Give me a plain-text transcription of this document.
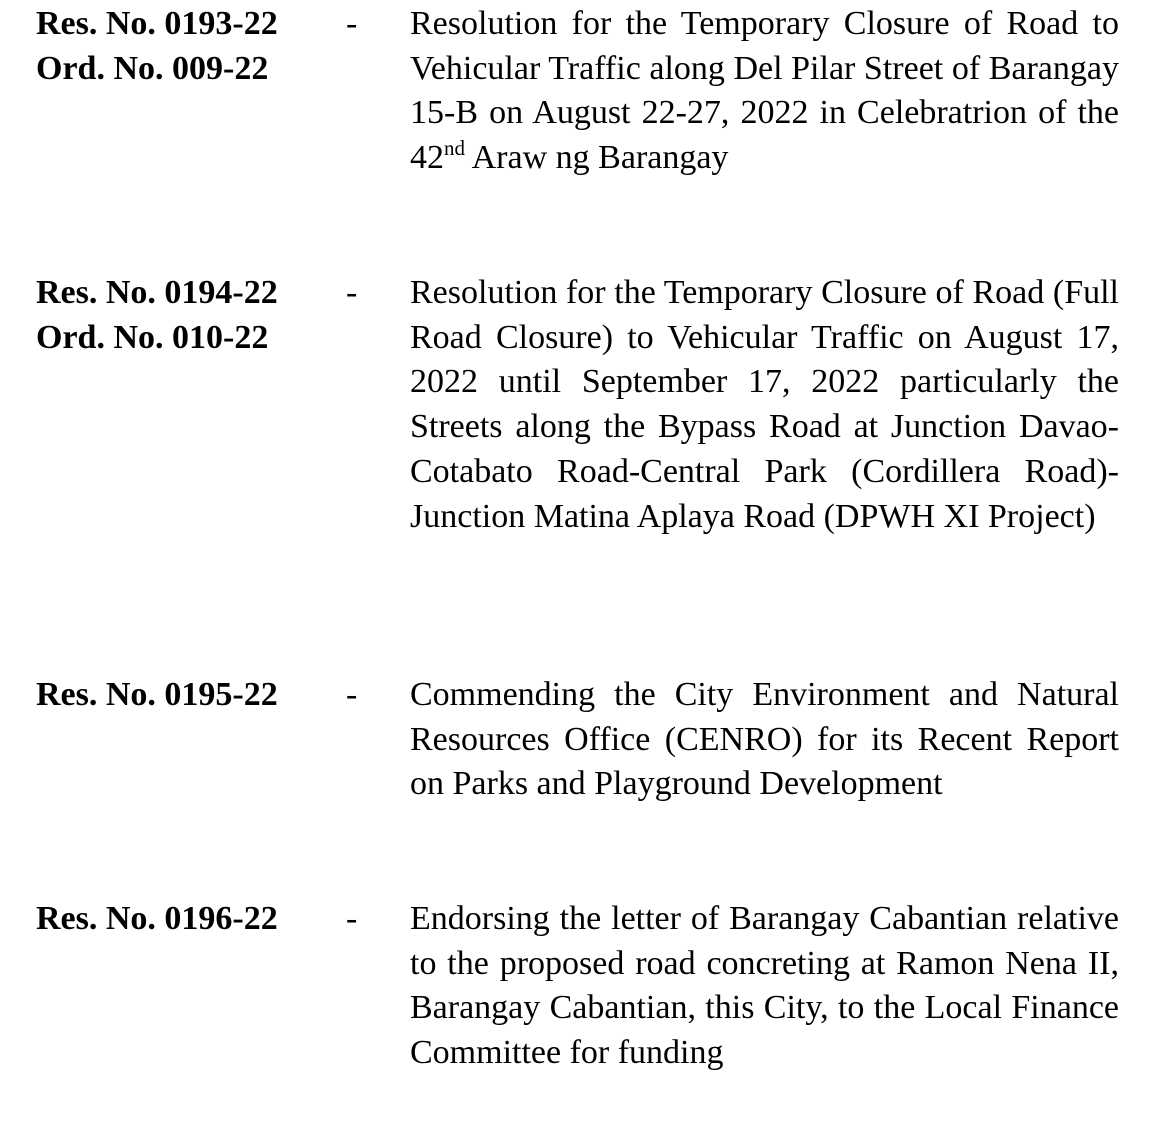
Res. No. 0193-22
Ord. No. 009-22
- Resolution for the Temporary Closure of Road to Vehicular Traffic along Del Pilar Street of Barangay 15-B on August 22-27, 2022 in Celebratrion of the 42nd Araw ng Barangay
Res. No. 0194-22
Ord. No. 010-22
- Resolution for the Temporary Closure of Road (Full Road Closure) to Vehicular Traffic on August 17, 2022 until September 17, 2022 particularly the Streets along the Bypass Road at Junction Davao-Cotabato Road-Central Park (Cordillera Road)-Junction Matina Aplaya Road (DPWH XI Project)
Res. No. 0195-22	- Commending the City Environment and Natural Resources Office (CENRO) for its Recent Report on Parks and Playground Development
Res. No. 0196-22	- Endorsing the letter of Barangay Cabantian relative to the proposed road concreting at Ramon Nena II, Barangay Cabantian, this City, to the Local Finance Committee for funding
